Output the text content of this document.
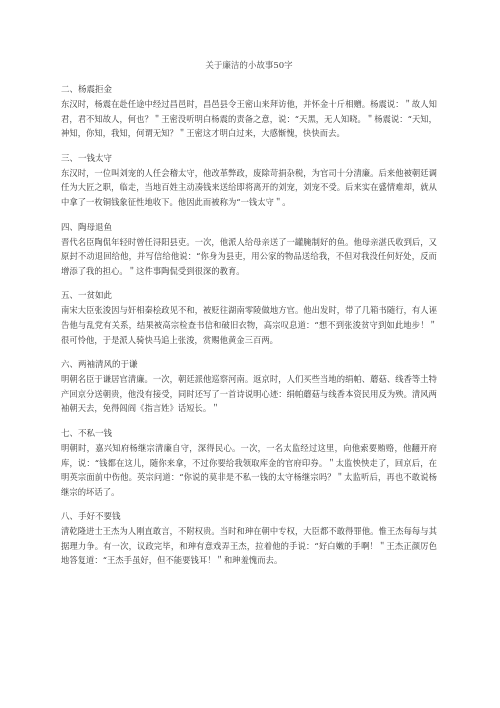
关于廉洁的小故事50字
二、杨震拒金

东汉时，杨震在赴任途中经过昌邑时，昌邑县令王密山来拜访他，并怀金十斤相赠。杨震说：＂故人知君，君不知故人，何也？＂王密没听明白杨震的责备之意，说：“天黑，无人知晓。＂杨震说：“天知，神知，你知，我知，何谓无知？＂王密这才明白过来，大感惭愧，快快而去。

三、一钱太守

东汉时，一位叫刘宠的人任会稽太守，他改革弊政，废除苛捐杂税，为官司十分清廉。后来他被朝廷调任为大匠之职，临走，当地百姓主动凑钱来送给即将离开的刘宠，刘宠不受。后来实在盛情难却，就从中拿了一枚铜钱象征性地收下。他因此而被称为“一钱太守＂。

四、陶母退鱼

晋代名臣陶侃年轻时曾任浔阳县吏。一次，他派人给母亲送了一罐腌制好的鱼。他母亲湛氏收到后，又原封不动退回给他，并写信给他说：“你身为县吏，用公家的物品送给我，不但对我没任何好处，反而增添了我的担心。＂这件事陶侃受到很深的教育。

五、一贫如此

南宋大臣张浚因与奸相秦桧政见不和，被贬往湖南零陵做地方官。他出发时，带了几箱书随行，有人诬告他与乱党有关系，结果被高宗检查书信和破旧衣物，高宗叹息道：“想不到张浚贫守到如此地步！＂很可怜他，于是派人骑快马追上张浚，赏赐他黄金三百两。

六、两袖清风的于谦

明朝名臣于谦居官清廉。一次，朝廷派他巡察河南。返京时，人们买些当地的绢帕、蘑菇、线香等土特产回京分送朝贵，他没有接受，同时还写了一首诗说明心迹：绢帕蘑菇与线香本资民用反为殃。清风两袖朝天去，免得闾阎《指言姓》话短长。＂

七、不私一钱

明朝时，嘉兴知府杨继宗清廉自守，深得民心。一次，一名太监经过这里，向他索要贿赂，他翻开府库，说：“钱都在这儿，随你来拿，不过你要给我领取库金的官府印券。＂太监怏怏走了，回京后，在明英宗面前中伤他。英宗问道：“你说的莫非是不私一钱的太守杨继宗吗？＂太监听后，再也不敢说杨继宗的坏话了。

八、手好不要钱

清乾隆进士王杰为人刚直敢言，不附权贵。当时和珅在朝中专权，大臣都不敢得罪他。惟王杰每每与其据理力争。有一次，议政完毕，和珅有意戏弄王杰，拉着他的手说：“好白嫩的手啊！＂王杰正颜厉色地答复道：“王杰手虽好，但不能要钱耳！＂和珅羞愧而去。
